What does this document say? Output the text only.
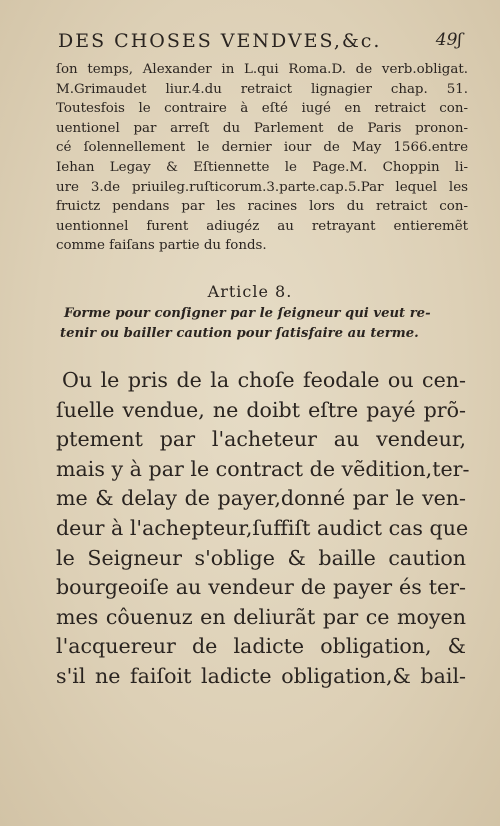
DES CHOSES VENDVES,&c.	49ʃ
ſon temps, Alexander in L.qui Roma.D. de verb.obligat.
M.Grimaudet liur.4.du retraict lignagier chap. 51.
Toutesfois le contraire à eſté iugé en retraict con-
uentionel par arreſt du Parlement de Paris pronon-
cé ſolennellement le dernier iour de May 1566.entre
Iehan Legay & Eſtiennette le Page.M. Choppin li-
ure 3.de priuileg.ruſticorum.3.parte.cap.5.Par lequel les
fruictz pendans par les racines lors du retraict con-
uentionnel furent adiugéz au retrayant entieremẽt
comme faiſans partie du fonds.
Article 8.
Forme pour conſigner par le ſeigneur qui veut re-
tenir ou bailler caution pour ſatisfaire au terme.
Ou le pris de la choſe feodale ou cen-
ſuelle vendue, ne doibt eſtre payé prõ-
ptement par l'acheteur au vendeur,
mais y à par le contract de vẽdition,ter-
me & delay de payer,donné par le ven-
deur à l'achepteur,ſuffiſt audict cas que
le Seigneur s'oblige & baille caution
bourgeoiſe au vendeur de payer és ter-
mes côuenuz en deliurãt par ce moyen
l'acquereur de ladicte obligation, &
s'il ne faiſoit ladicte obligation,& bail-
